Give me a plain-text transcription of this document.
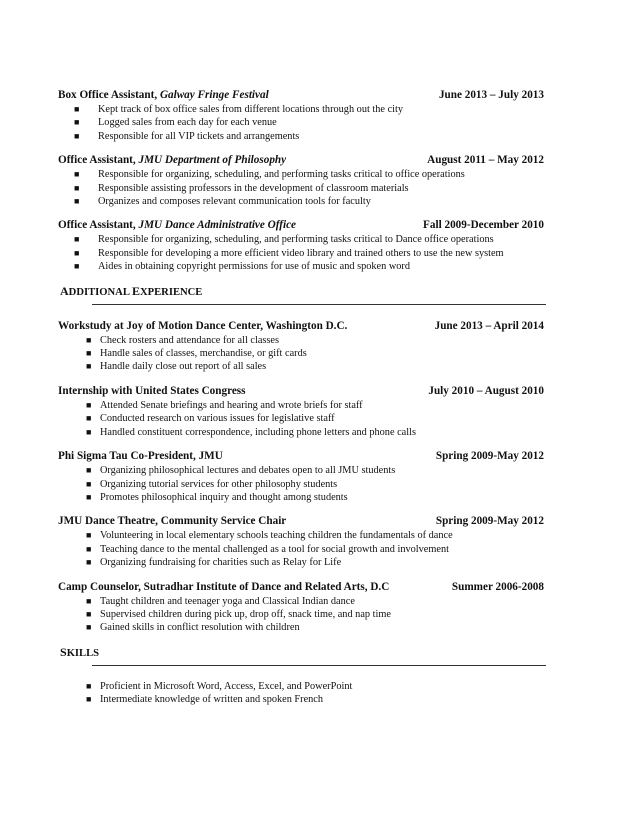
Box Office Assistant, Galway Fringe Festival	June 2013 – July 2013
■ Kept track of box office sales from different locations through out the city
■ Logged sales from each day for each venue
■ Responsible for all VIP tickets and arrangements
Office Assistant, JMU Department of Philosophy	August 2011 – May 2012
■ Responsible for organizing, scheduling, and performing tasks critical to office operations
■ Responsible assisting professors in the development of classroom materials
■ Organizes and composes relevant communication tools for faculty
Office Assistant, JMU Dance Administrative Office	Fall 2009-December 2010
■ Responsible for organizing, scheduling, and performing tasks critical to Dance office operations
■ Responsible for developing a more efficient video library and trained others to use the new system
■ Aides in obtaining copyright permissions for use of music and spoken word
ADDITIONAL EXPERIENCE
Workstudy at Joy of Motion Dance Center, Washington D.C.	June 2013 – April 2014
■ Check rosters and attendance for all classes
■ Handle sales of classes, merchandise, or gift cards
■ Handle daily close out report of all sales
Internship with United States Congress	July 2010 – August 2010
■ Attended Senate briefings and hearing and wrote briefs for staff
■ Conducted research on various issues for legislative staff
■ Handled constituent correspondence, including phone letters and phone calls
Phi Sigma Tau Co-President, JMU	Spring 2009-May 2012
■ Organizing philosophical lectures and debates open to all JMU students
■ Organizing tutorial services for other philosophy students
■ Promotes philosophical inquiry and thought among students
JMU Dance Theatre, Community Service Chair	Spring 2009-May 2012
■ Volunteering in local elementary schools teaching children the fundamentals of dance
■ Teaching dance to the mental challenged as a tool for social growth and involvement
■ Organizing fundraising for charities such as Relay for Life
Camp Counselor, Sutradhar Institute of Dance and Related Arts, D.C	Summer 2006-2008
■ Taught children and teenager yoga and Classical Indian dance
■ Supervised children during pick up, drop off, snack time, and nap time
■ Gained skills in conflict resolution with children
SKILLS
■ Proficient in Microsoft Word, Access, Excel, and PowerPoint
■ Intermediate knowledge of written and spoken French
